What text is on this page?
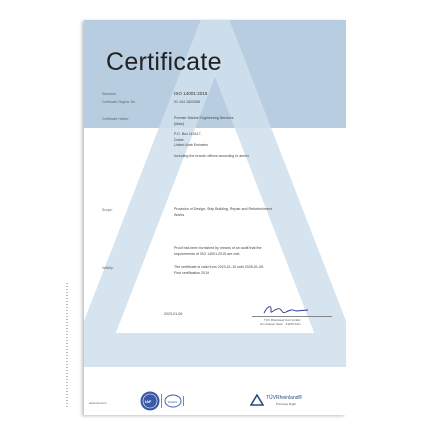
Certificate
Standard	ISO 14001:2015
Certificate Registr. No.	01 104 1822558
Certificate Holder:	Premier Marine Engineering Services
(Main)
P.O. Box 115417,
Dubai
United Arab Emirates
Including the branch offices according to annex
Scope:	Provision of Design, Ship Building, Repair and Refurbishment
Works
Proof has been furnished by means of an audit that the
requirements of ISO 14001:2015 are met.
Validity:	The certificate is valid from 2023-01-10 until 2026-01-09.
First certification 2019
2023-01-09
TÜV Rheinland Cert GmbH
Am Grauen Stein · 51105 Köln
www.tuv.com	IAF	DAkkS
TÜVRheinland®
Precisely Right.
